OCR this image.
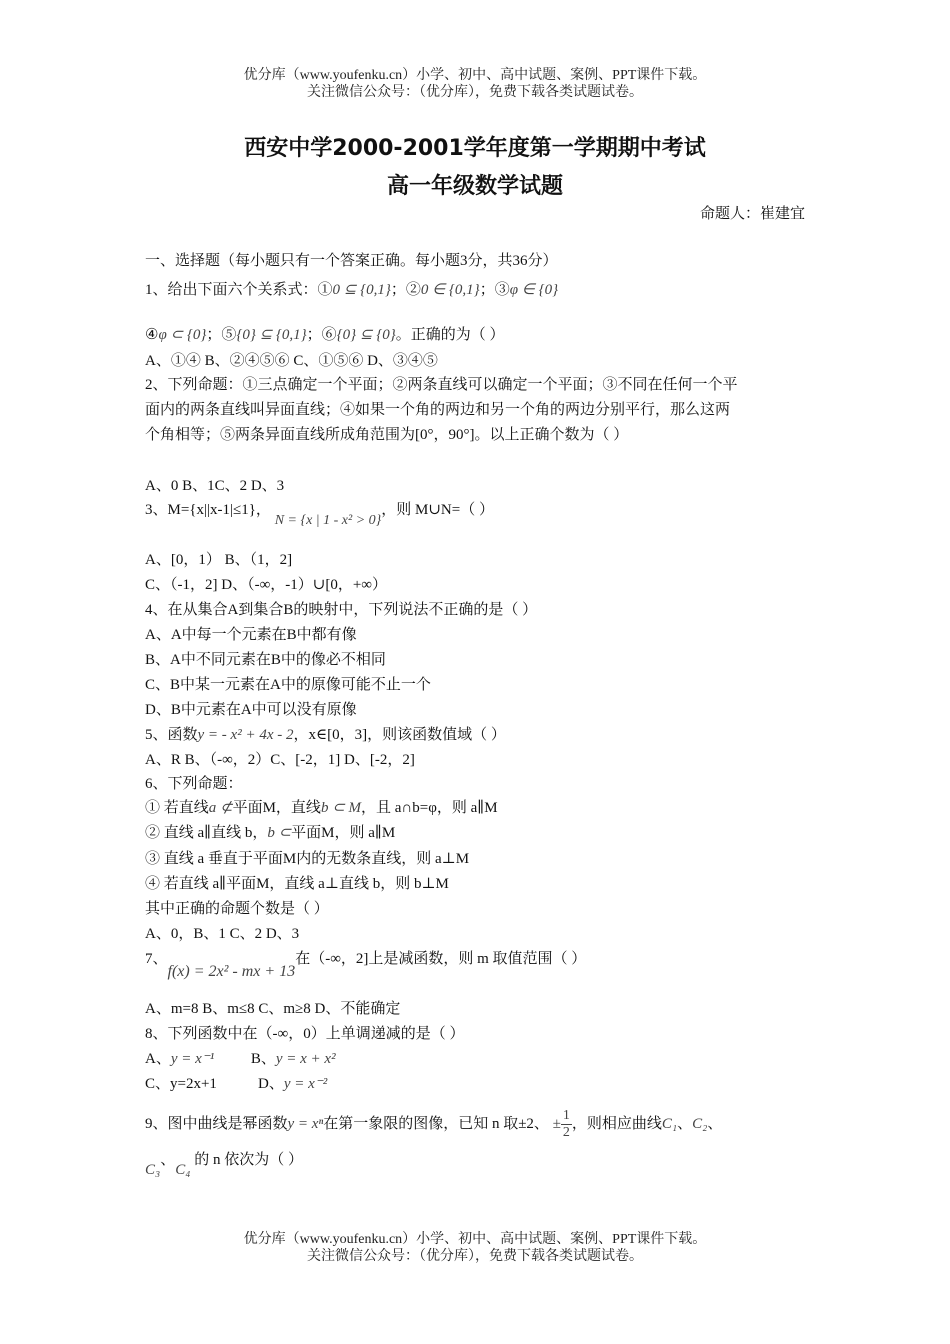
优分库（www.youfenku.cn）小学、初中、高中试题、案例、PPT课件下载。
关注微信公众号：（优分库），免费下载各类试题试卷。
西安中学2000-2001学年度第一学期期中考试
高一年级数学试题
命题人：崔建宜
一、选择题（每小题只有一个答案正确。每小题3分，共36分）
1、给出下面六个关系式：①0 ⊆ {0,1}；②0 ∈ {0,1}；③φ ∈ {0}
④φ ⊂ {0}；⑤{0} ⊆ {0,1}；⑥{0} ⊆ {0}。正确的为（ ）
A、①④ B、②④⑤⑥ C、①⑤⑥ D、③④⑤
2、下列命题：①三点确定一个平面；②两条直线可以确定一个平面；③不同在任何一个平
面内的两条直线叫异面直线；④如果一个角的两边和另一个角的两边分别平行，那么这两
个角相等；⑤两条异面直线所成角范围为[0°，90°]。以上正确个数为（ ）
A、0 B、1C、2 D、3
3、M={x||x-1|≤1}， N = {x | 1 - x² > 0}，则 M∪N=（ ）
A、[0，1） B、（1，2]
C、（-1，2] D、（-∞，-1）∪[0，+∞）
4、在从集合A到集合B的映射中，下列说法不正确的是（ ）
A、A中每一个元素在B中都有像
B、A中不同元素在B中的像必不相同
C、B中某一元素在A中的原像可能不止一个
D、B中元素在A中可以没有原像
5、函数y = - x² + 4x - 2，x∈[0，3]，则该函数值域（ ）
A、R B、（-∞，2）C、[-2，1] D、[-2，2]
6、下列命题：
① 若直线a ⊄平面M，直线b ⊂ M，且 a∩b=φ，则 a∥M
② 直线 a∥直线 b，b ⊂平面M，则 a∥M
③ 直线 a 垂直于平面M内的无数条直线，则 a⊥M
④ 若直线 a∥平面M，直线 a⊥直线 b，则 b⊥M
其中正确的命题个数是（ ）
A、0，B、1 C、2 D、3
7、f(x) = 2x² - mx + 13在（-∞，2]上是减函数，则 m 取值范围（ ）
A、m=8 B、m≤8 C、m≥8 D、不能确定
8、下列函数中在（-∞，0）上单调递减的是（ ）
A、y = x⁻¹ B、y = x + x²
C、y=2x+1	D、y = x⁻²
9、图中曲线是幂函数y = xⁿ在第一象限的图像，已知 n 取±2、 ± $\frac{1}{2}$ ，则相应曲线C₁、C₂、
C₃、C₄ 的 n 依次为（ ）
优分库（www.youfenku.cn）小学、初中、高中试题、案例、PPT课件下载。
关注微信公众号：（优分库），免费下载各类试题试卷。
